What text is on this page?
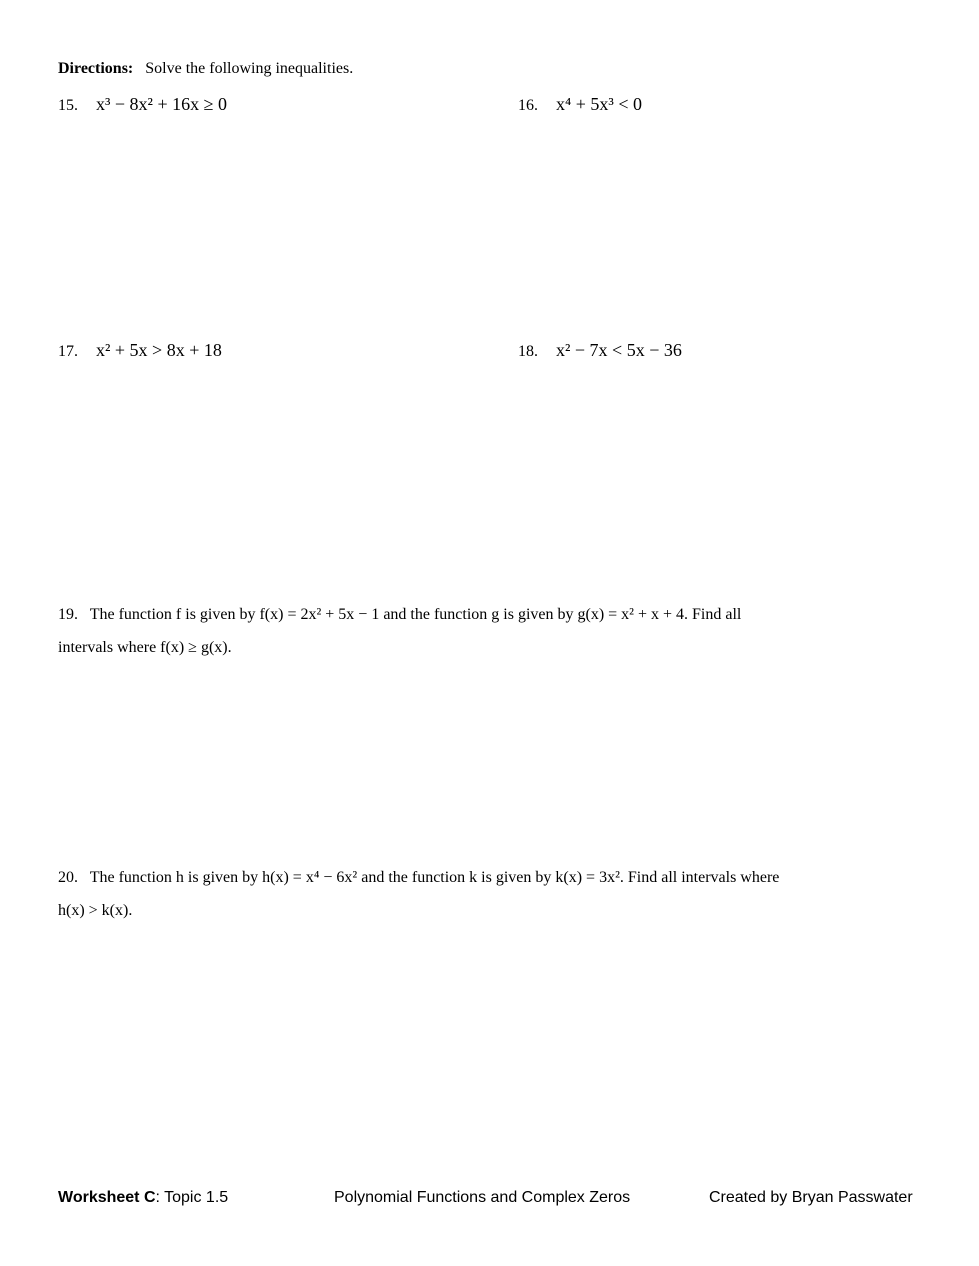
Directions: Solve the following inequalities.
15. x³ − 8x² + 16x ≥ 0	16. x⁴ + 5x³ < 0
17. x² + 5x > 8x + 18	18. x² − 7x < 5x − 36
19. The function f is given by f(x) = 2x² + 5x − 1 and the function g is given by g(x) = x² + x + 4. Find all
intervals where f(x) ≥ g(x).
20. The function h is given by h(x) = x⁴ − 6x² and the function k is given by k(x) = 3x². Find all intervals where
h(x) > k(x).
Worksheet C: Topic 1.5	Polynomial Functions and Complex Zeros	Created by Bryan Passwater
